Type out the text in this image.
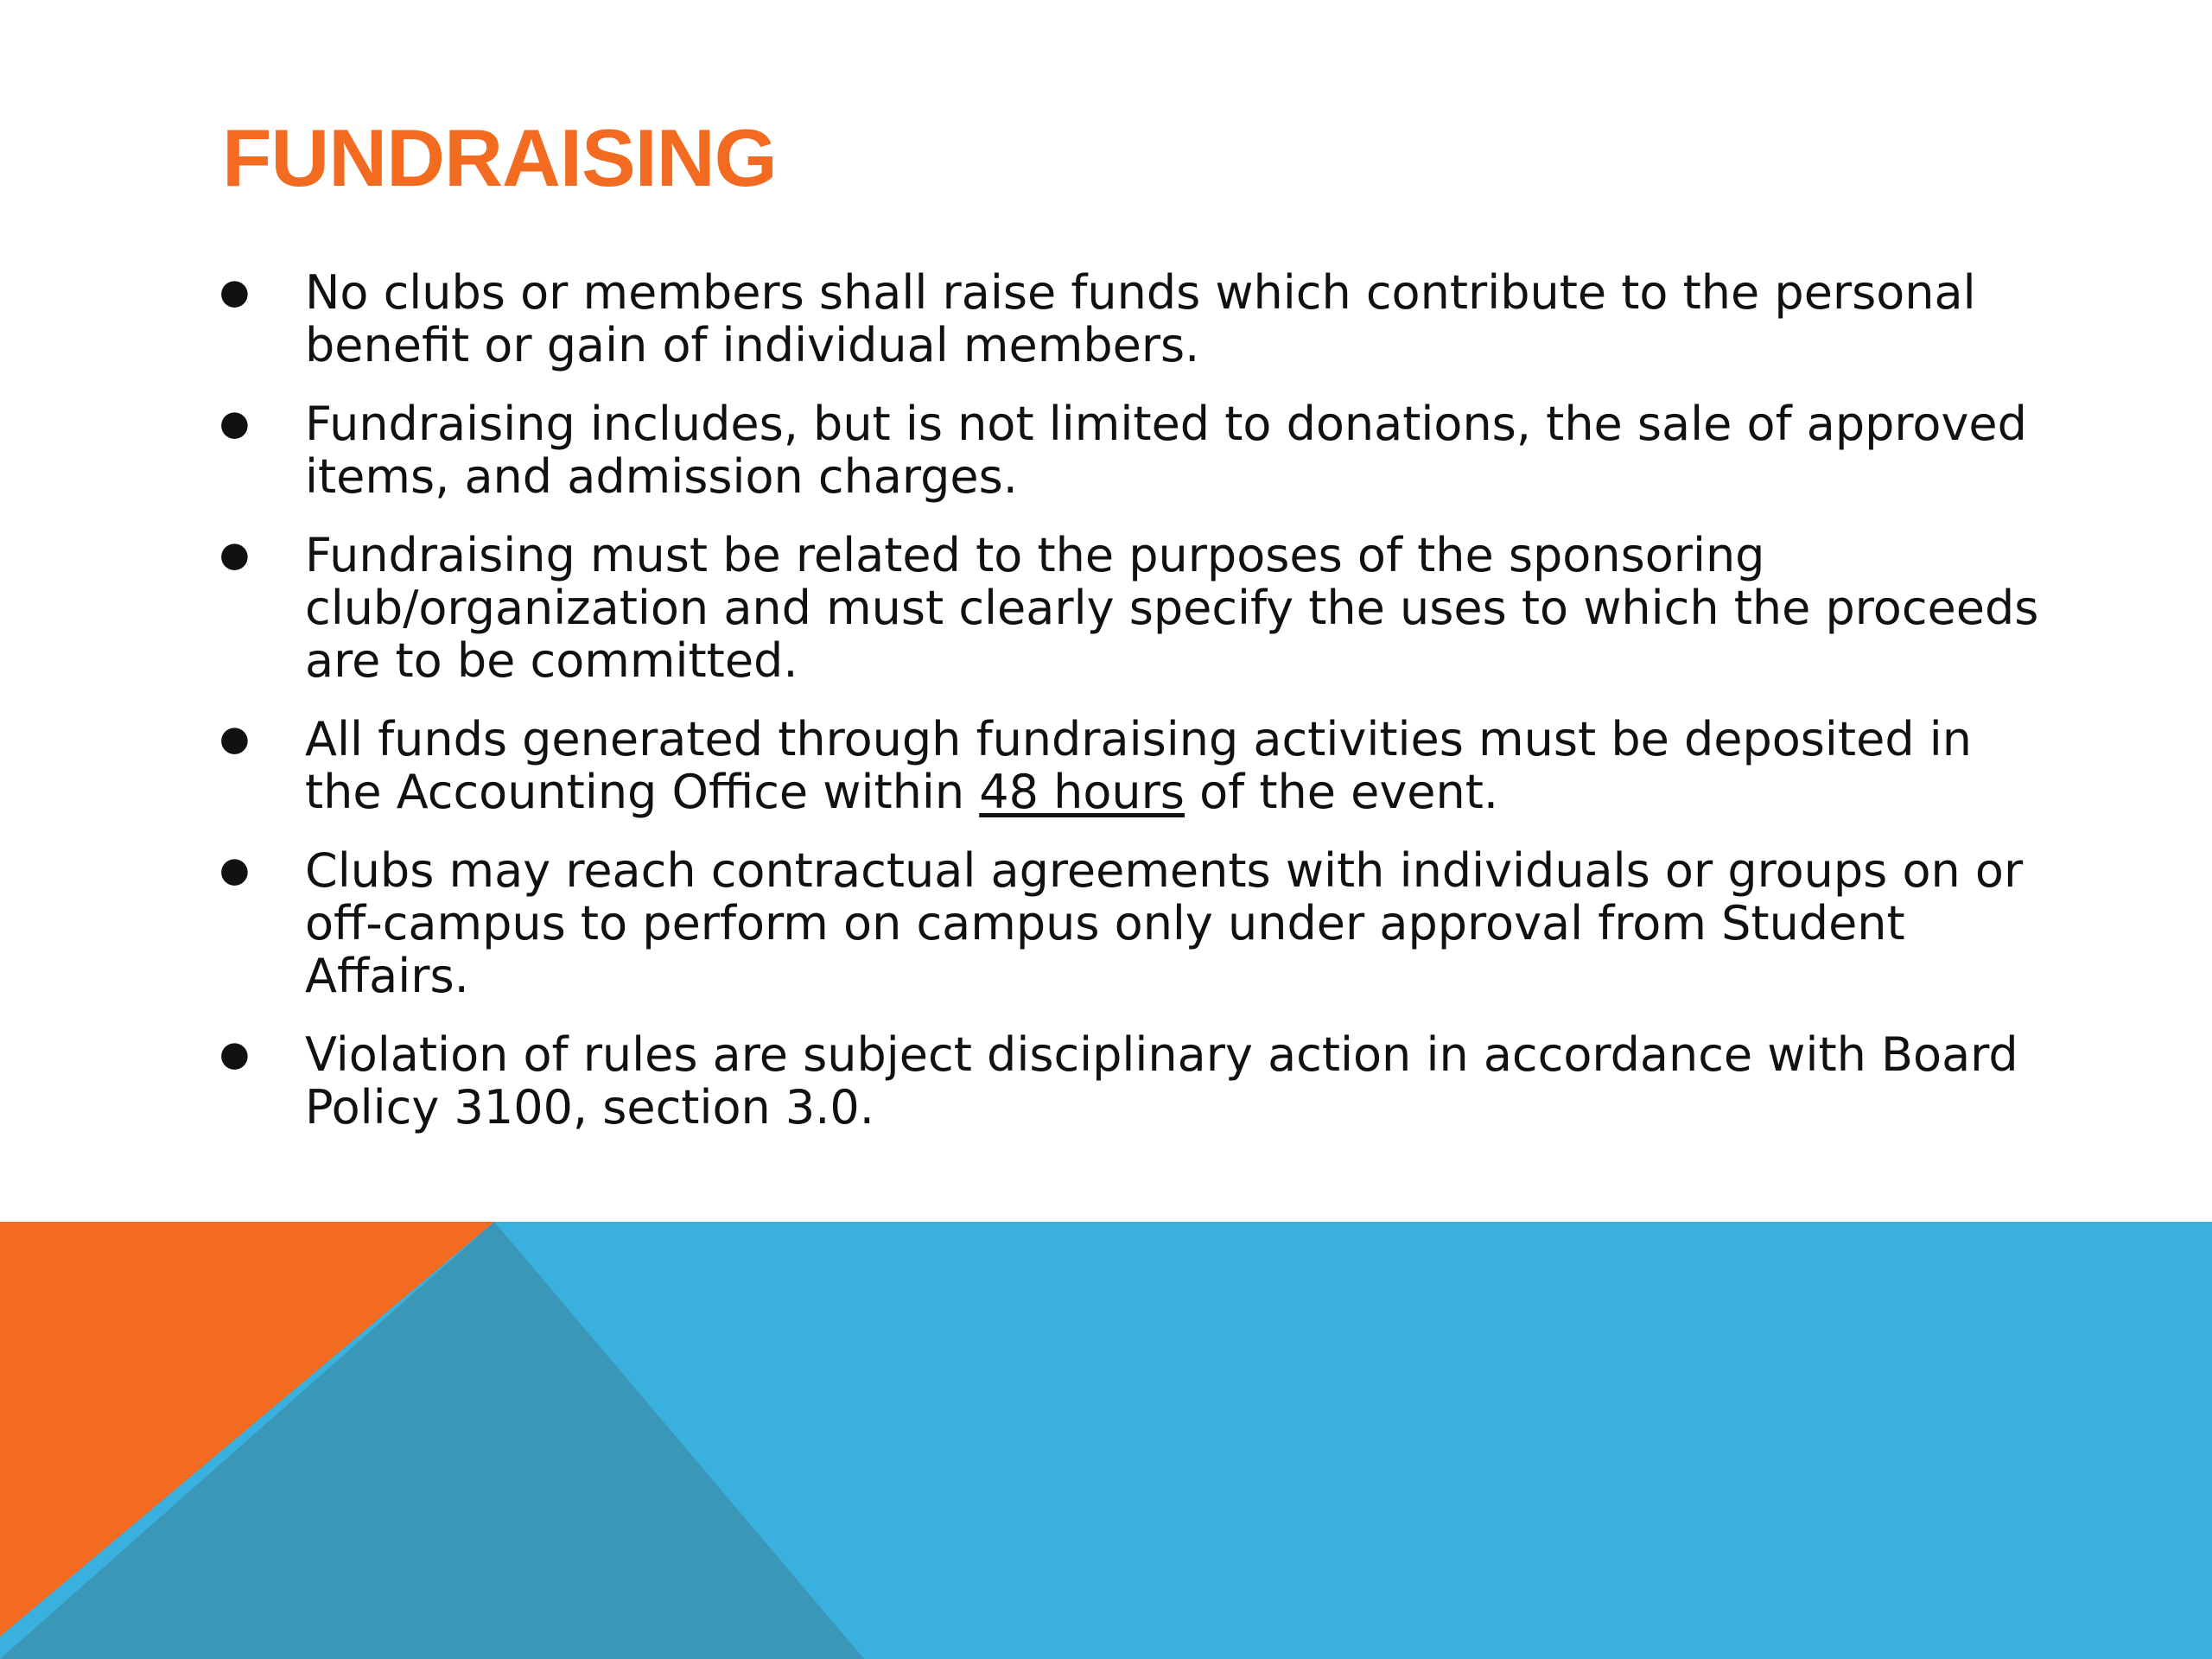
FUNDRAISING
● No clubs or members shall raise funds which contribute to the personal benefit or gain of individual members.
● Fundraising includes, but is not limited to donations, the sale of approved items, and admission charges.
● Fundraising must be related to the purposes of the sponsoring club/organization and must clearly specify the uses to which the proceeds are to be committed.
● All funds generated through fundraising activities must be deposited in the Accounting Office within 48 hours of the event.
● Clubs may reach contractual agreements with individuals or groups on or off-campus to perform on campus only under approval from Student Affairs.
● Violation of rules are subject disciplinary action in accordance with Board Policy 3100, section 3.0.
